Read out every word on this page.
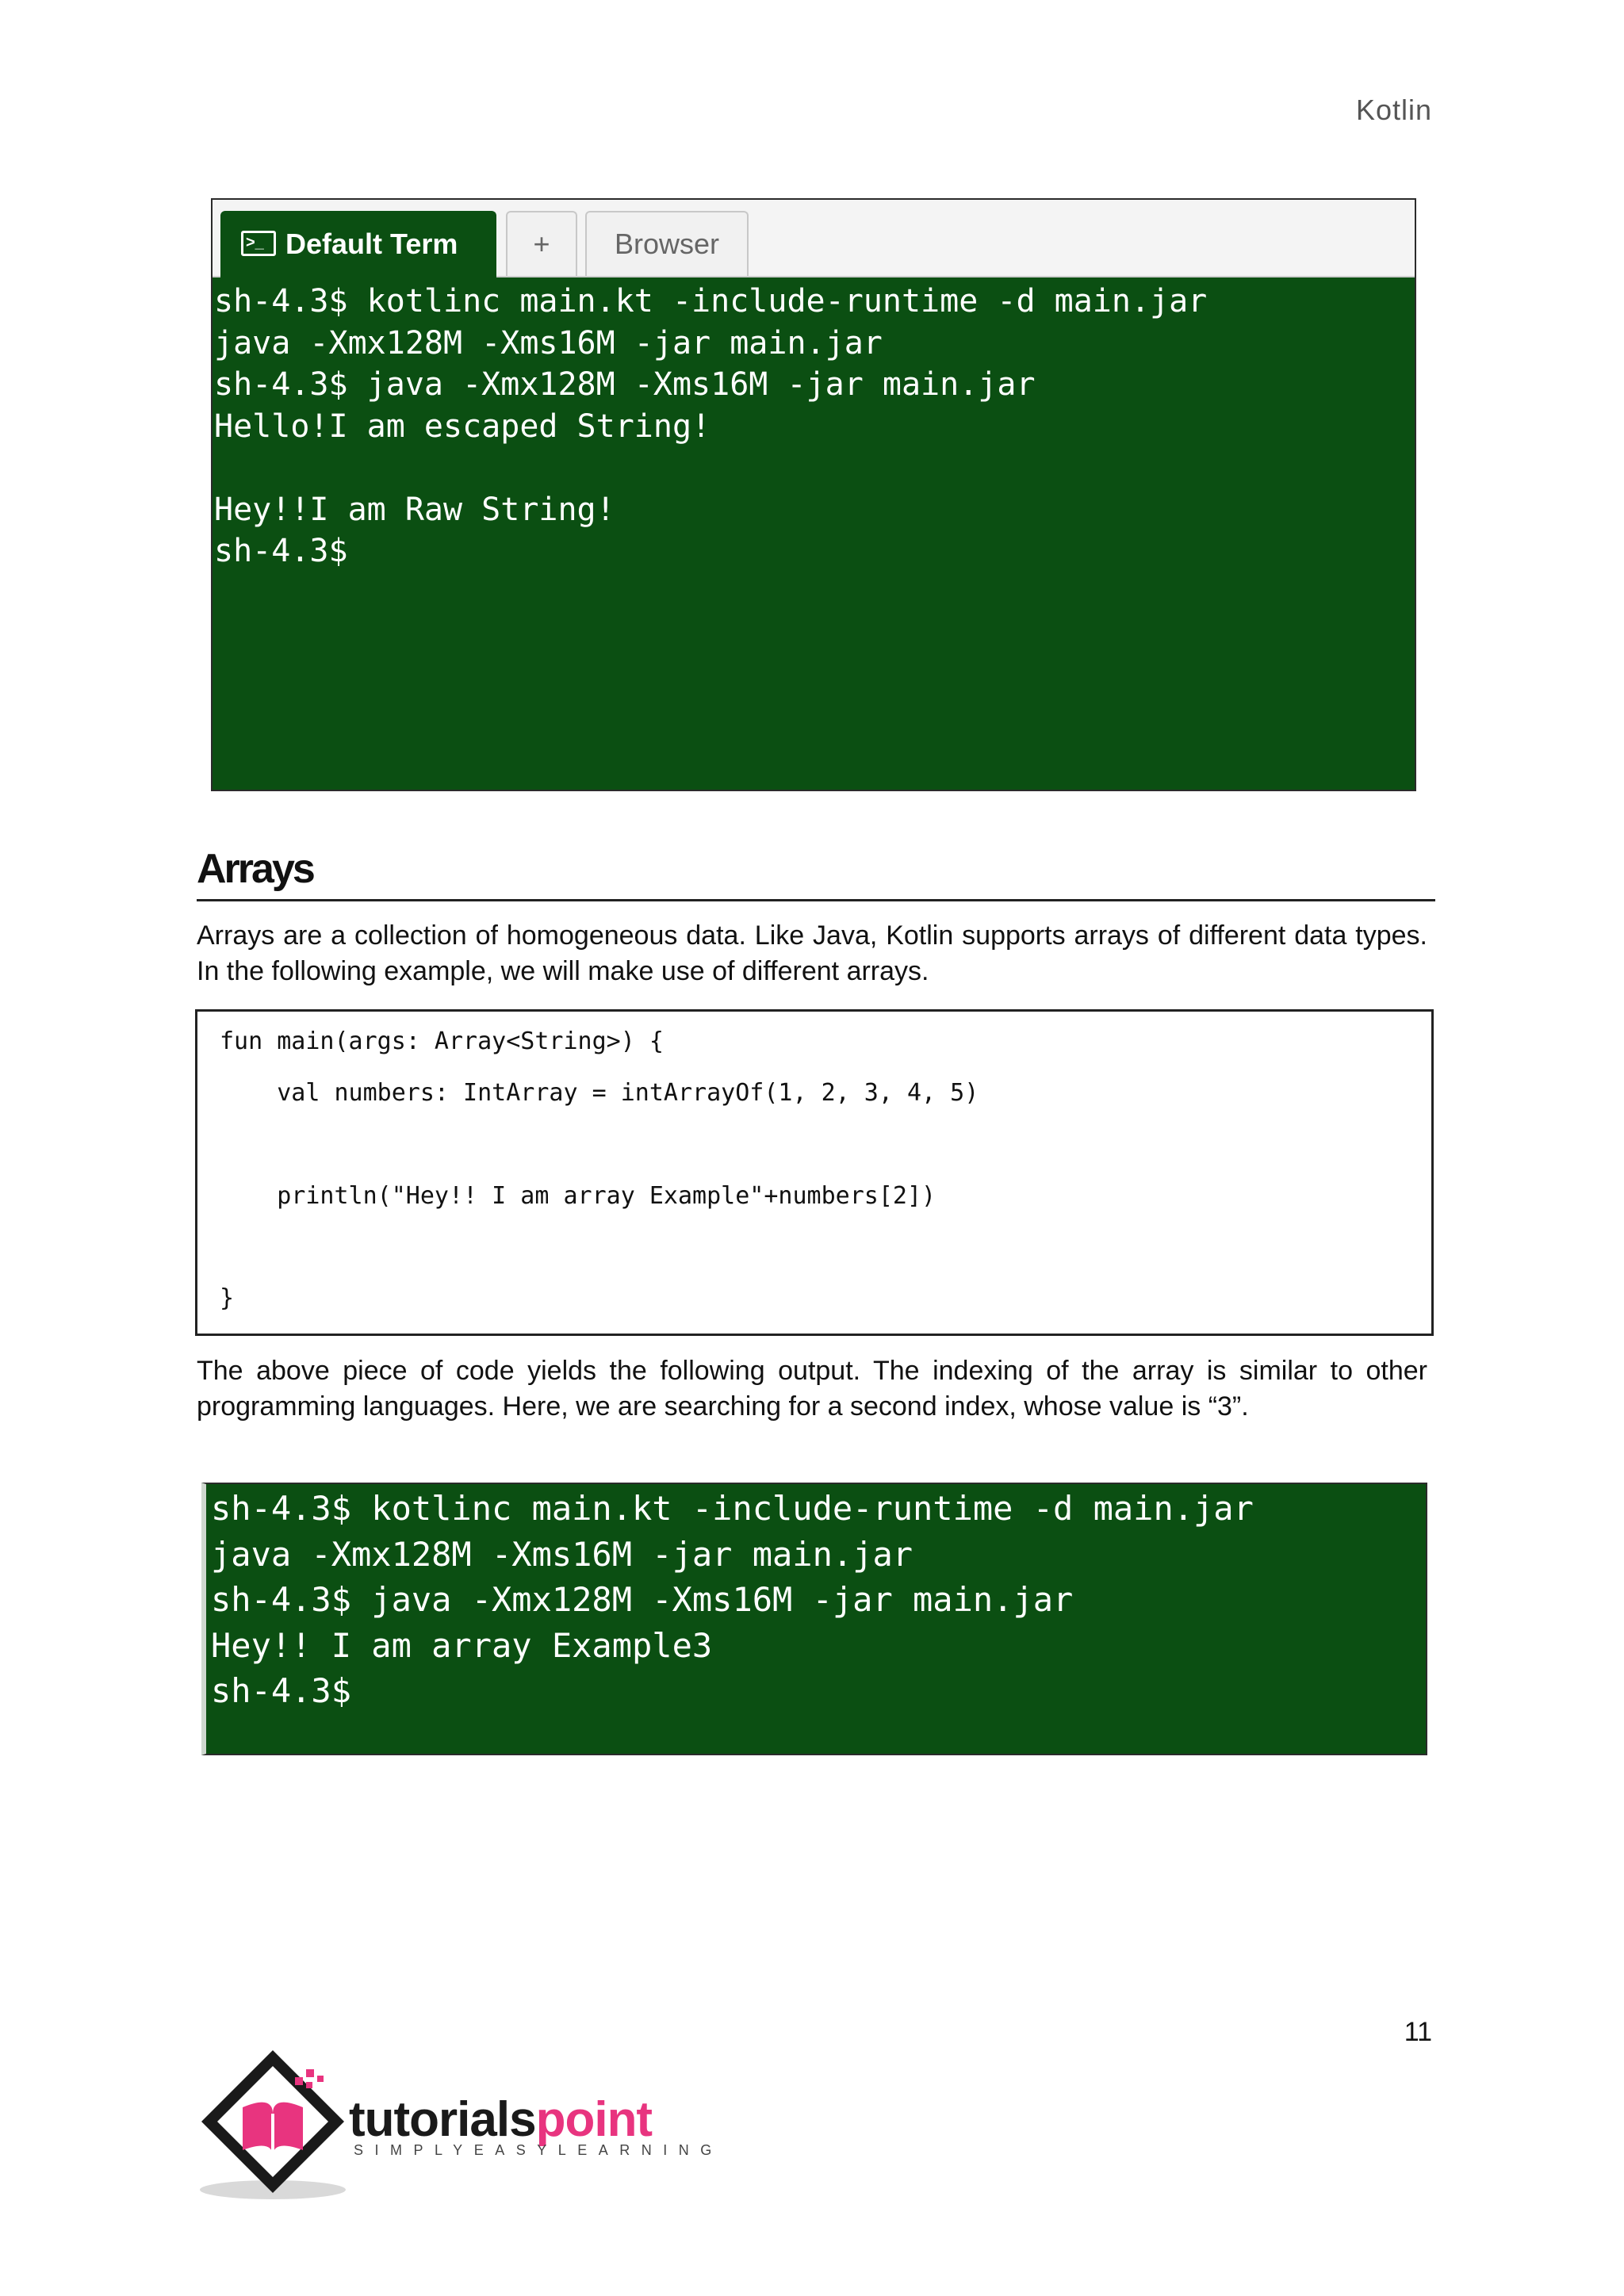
Kotlin
>_ Default Term	+	Browser
sh-4.3$ kotlinc main.kt -include-runtime -d main.jar
java -Xmx128M -Xms16M -jar main.jar
sh-4.3$ java -Xmx128M -Xms16M -jar main.jar
Hello!I am escaped String!
Hey!!I am Raw String!
sh-4.3$
Arrays
Arrays are a collection of homogeneous data. Like Java, Kotlin supports arrays of different data types. In the following example, we will make use of different arrays.
fun main(args: Array<String>) {
val numbers: IntArray = intArrayOf(1, 2, 3, 4, 5)
println("Hey!! I am array Example"+numbers[2])
}
The above piece of code yields the following output. The indexing of the array is similar to other programming languages. Here, we are searching for a second index, whose value is “3”.
sh-4.3$ kotlinc main.kt -include-runtime -d main.jar
java -Xmx128M -Xms16M -jar main.jar
sh-4.3$ java -Xmx128M -Xms16M -jar main.jar
Hey!! I am array Example3
sh-4.3$
11
tutorialspoint
SIMPLYEASYLEARNING
